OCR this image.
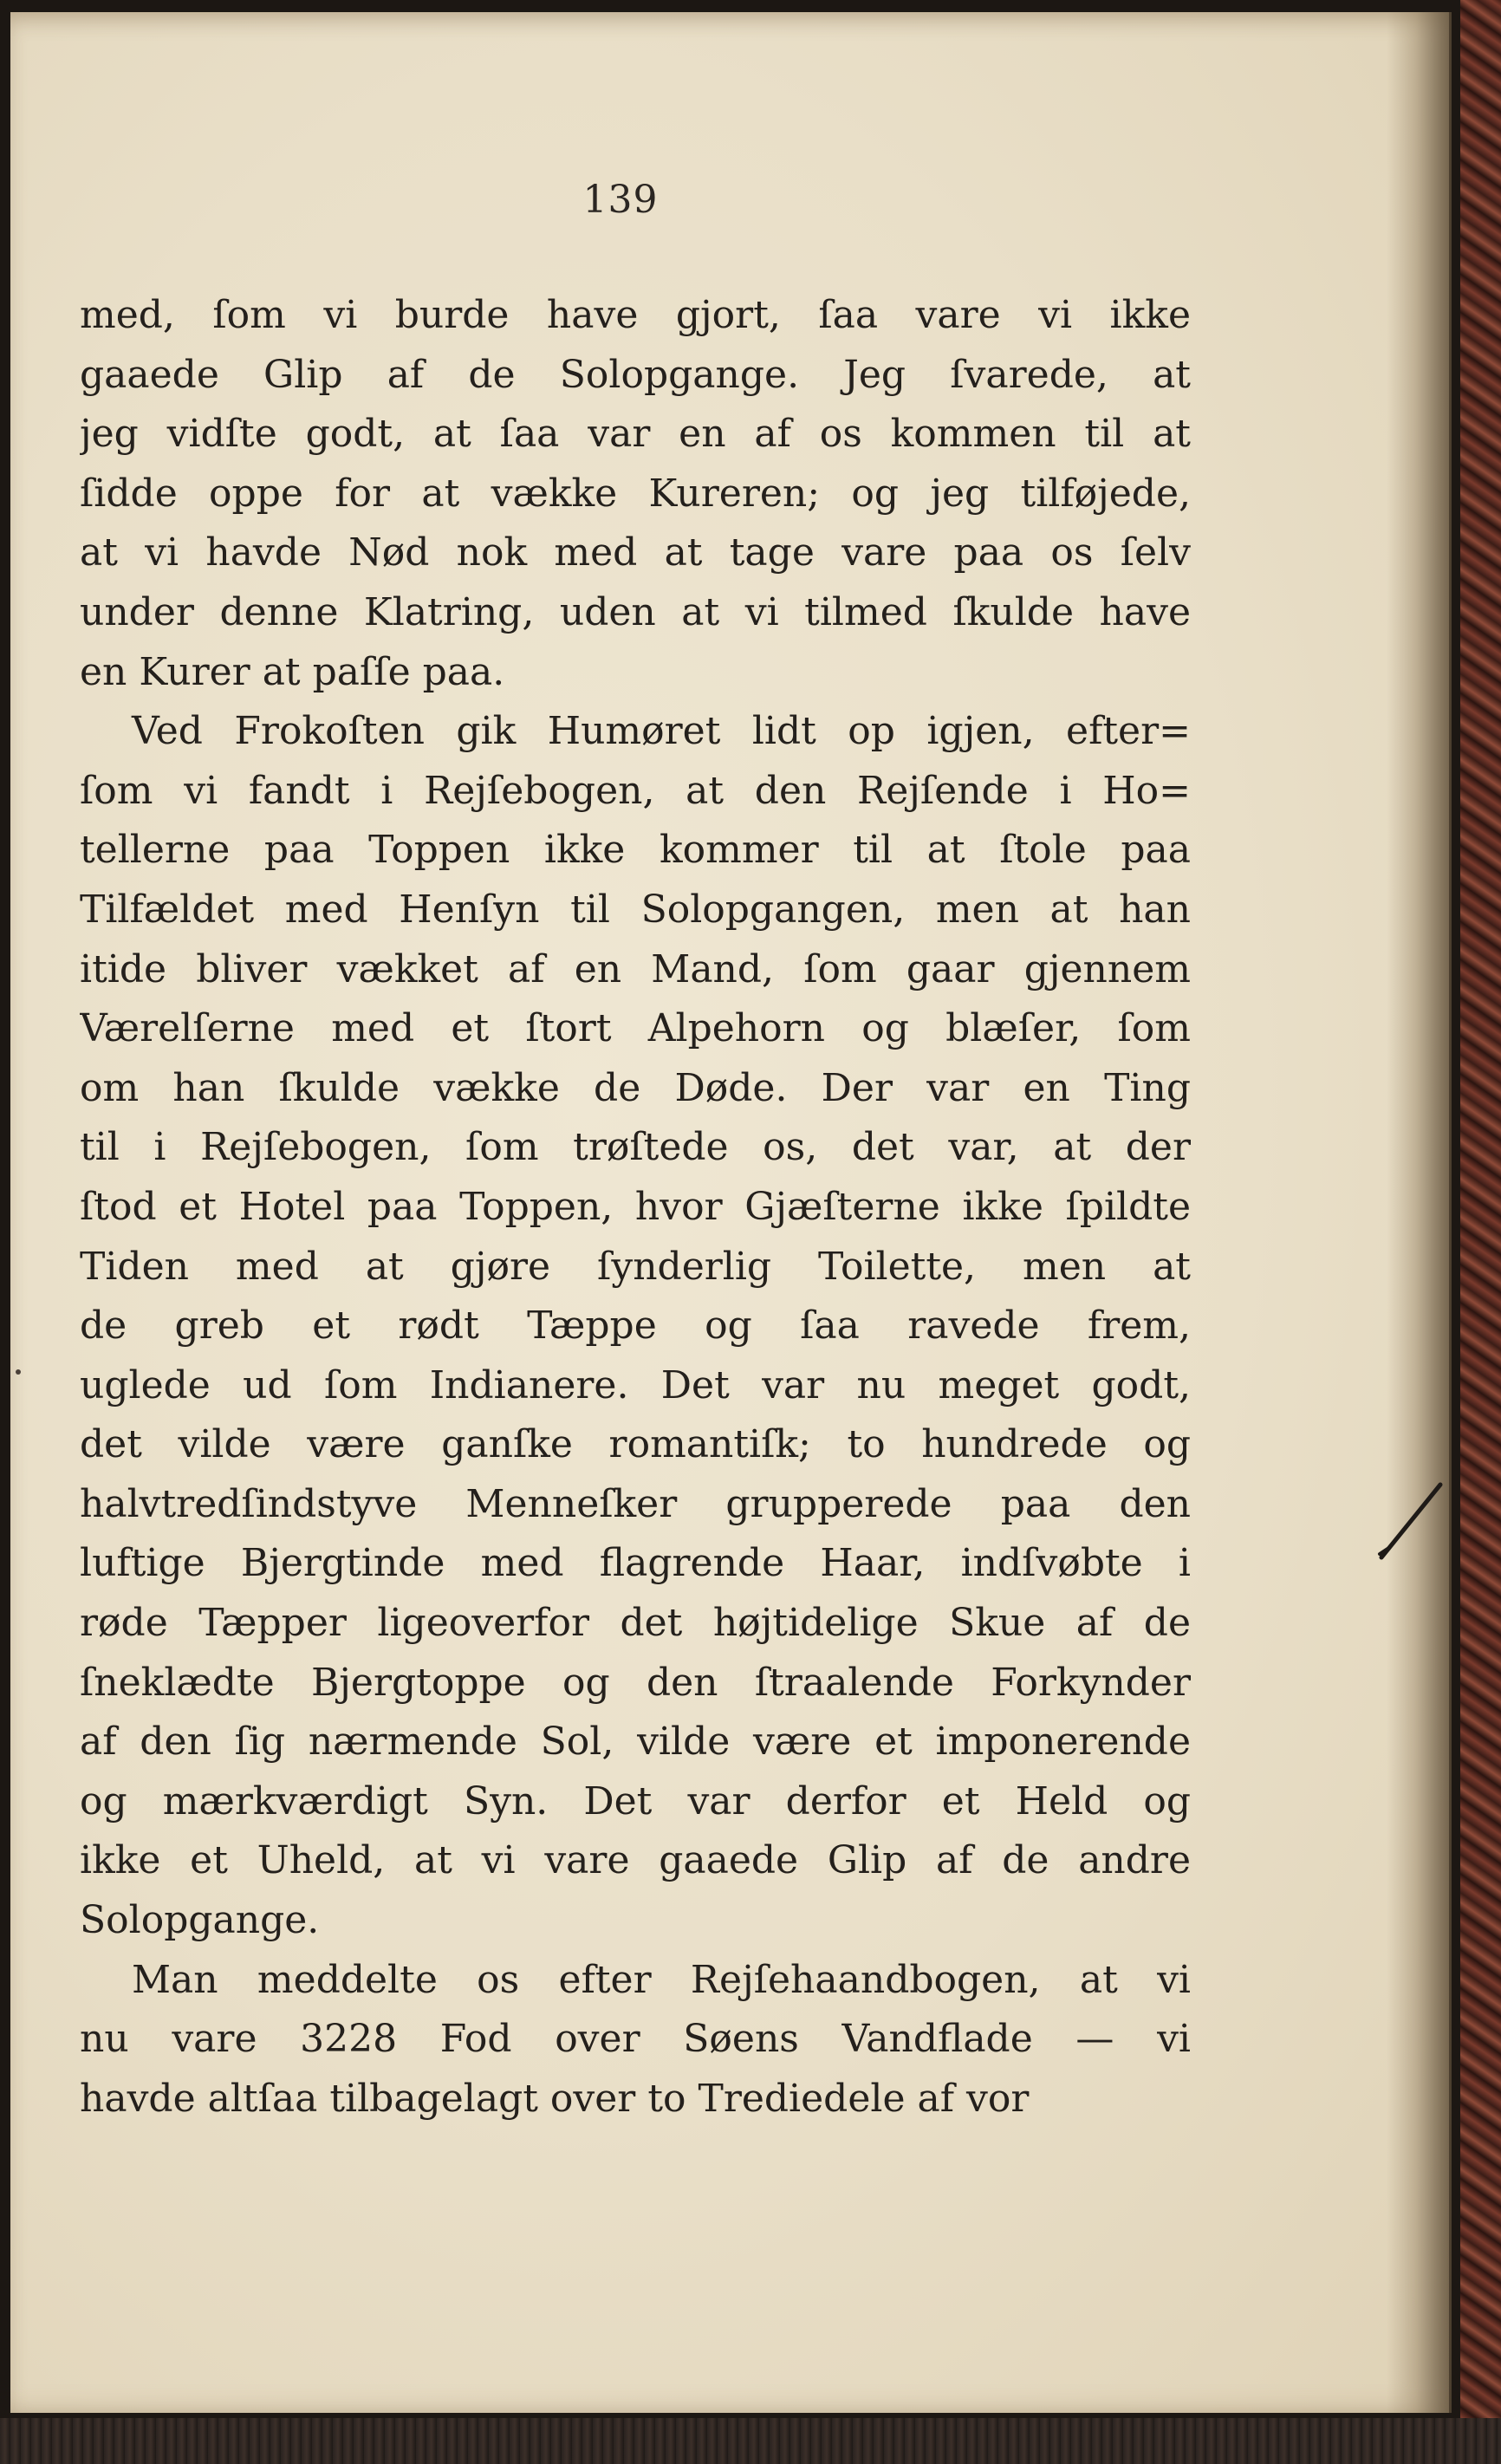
139
med, ſom vi burde have gjort, ſaa vare vi ikke
gaaede Glip af de Solopgange. Jeg ſvarede, at
jeg vidſte godt, at ſaa var en af os kommen til at
ſidde oppe for at vække Kureren; og jeg tilføjede,
at vi havde Nød nok med at tage vare paa os ſelv
under denne Klatring, uden at vi tilmed ſkulde have
en Kurer at paſſe paa.
Ved Frokoſten gik Humøret lidt op igjen, efter=
ſom vi fandt i Rejſebogen, at den Rejſende i Ho=
tellerne paa Toppen ikke kommer til at ſtole paa
Tilfældet med Henſyn til Solopgangen, men at han
itide bliver vækket af en Mand, ſom gaar gjennem
Værelſerne med et ſtort Alpehorn og blæſer, ſom
om han ſkulde vække de Døde. Der var en Ting
til i Rejſebogen, ſom trøſtede os, det var, at der
ſtod et Hotel paa Toppen, hvor Gjæſterne ikke ſpildte
Tiden med at gjøre ſynderlig Toilette, men at
de greb et rødt Tæppe og ſaa ravede frem,
uglede ud ſom Indianere. Det var nu meget godt,
det vilde være ganſke romantiſk; to hundrede og
halvtredſindstyve Menneſker grupperede paa den
luftige Bjergtinde med flagrende Haar, indſvøbte i
røde Tæpper ligeoverfor det højtidelige Skue af de
ſneklædte Bjergtoppe og den ſtraalende Forkynder
af den ſig nærmende Sol, vilde være et imponerende
og mærkværdigt Syn. Det var derfor et Held og
ikke et Uheld, at vi vare gaaede Glip af de andre
Solopgange.
Man meddelte os efter Rejſehaandbogen, at vi
nu vare 3228 Fod over Søens Vandflade — vi
havde altſaa tilbagelagt over to Trediedele af vor
